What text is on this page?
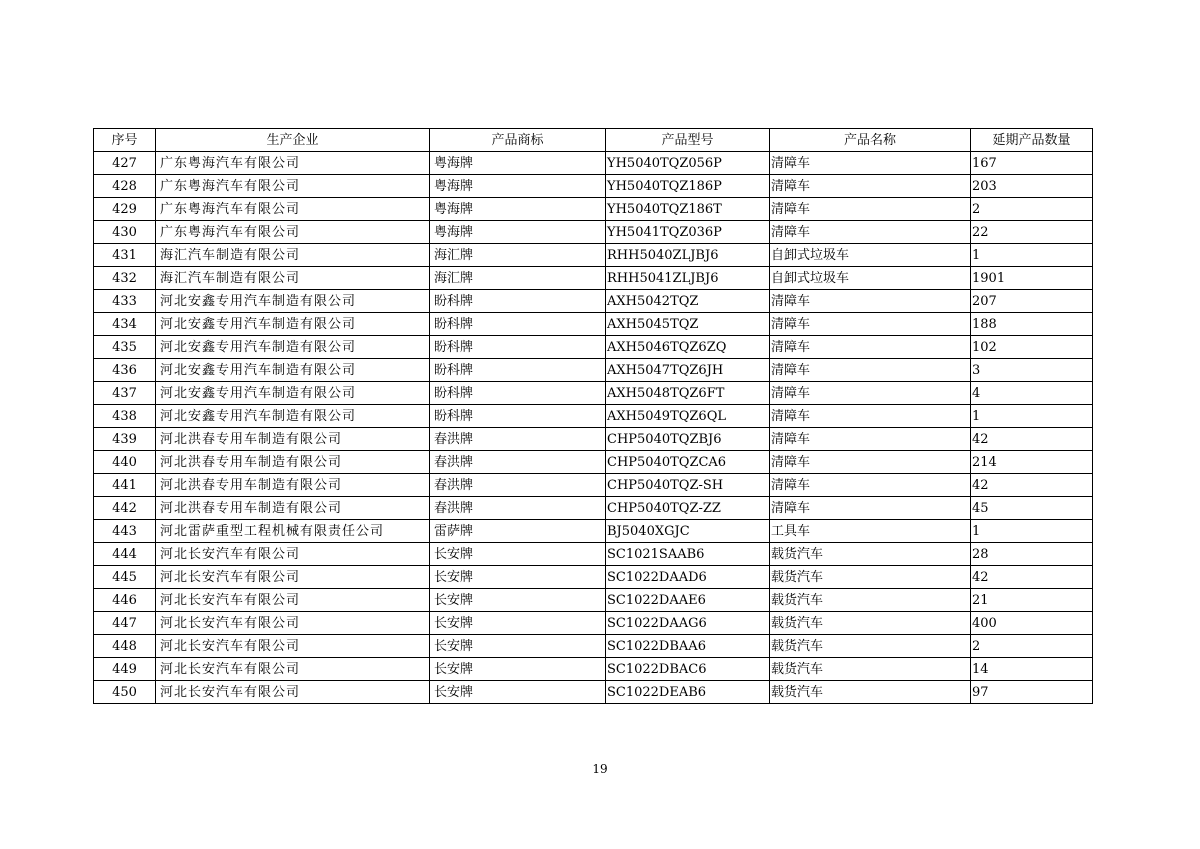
序号	生产企业	产品商标	产品型号	产品名称	延期产品数量
427	广东粤海汽车有限公司	粤海牌	YH5040TQZ056P	清障车	167
428	广东粤海汽车有限公司	粤海牌	YH5040TQZ186P	清障车	203
429	广东粤海汽车有限公司	粤海牌	YH5040TQZ186T	清障车	2
430	广东粤海汽车有限公司	粤海牌	YH5041TQZ036P	清障车	22
431	海汇汽车制造有限公司	海汇牌	RHH5040ZLJBJ6	自卸式垃圾车	1
432	海汇汽车制造有限公司	海汇牌	RHH5041ZLJBJ6	自卸式垃圾车	1901
433	河北安鑫专用汽车制造有限公司	盼科牌	AXH5042TQZ	清障车	207
434	河北安鑫专用汽车制造有限公司	盼科牌	AXH5045TQZ	清障车	188
435	河北安鑫专用汽车制造有限公司	盼科牌	AXH5046TQZ6ZQ	清障车	102
436	河北安鑫专用汽车制造有限公司	盼科牌	AXH5047TQZ6JH	清障车	3
437	河北安鑫专用汽车制造有限公司	盼科牌	AXH5048TQZ6FT	清障车	4
438	河北安鑫专用汽车制造有限公司	盼科牌	AXH5049TQZ6QL	清障车	1
439	河北洪春专用车制造有限公司	春洪牌	CHP5040TQZBJ6	清障车	42
440	河北洪春专用车制造有限公司	春洪牌	CHP5040TQZCA6	清障车	214
441	河北洪春专用车制造有限公司	春洪牌	CHP5040TQZ-SH	清障车	42
442	河北洪春专用车制造有限公司	春洪牌	CHP5040TQZ-ZZ	清障车	45
443	河北雷萨重型工程机械有限责任公司	雷萨牌	BJ5040XGJC	工具车	1
444	河北长安汽车有限公司	长安牌	SC1021SAAB6	载货汽车	28
445	河北长安汽车有限公司	长安牌	SC1022DAAD6	载货汽车	42
446	河北长安汽车有限公司	长安牌	SC1022DAAE6	载货汽车	21
447	河北长安汽车有限公司	长安牌	SC1022DAAG6	载货汽车	400
448	河北长安汽车有限公司	长安牌	SC1022DBAA6	载货汽车	2
449	河北长安汽车有限公司	长安牌	SC1022DBAC6	载货汽车	14
450	河北长安汽车有限公司	长安牌	SC1022DEAB6	载货汽车	97
19
